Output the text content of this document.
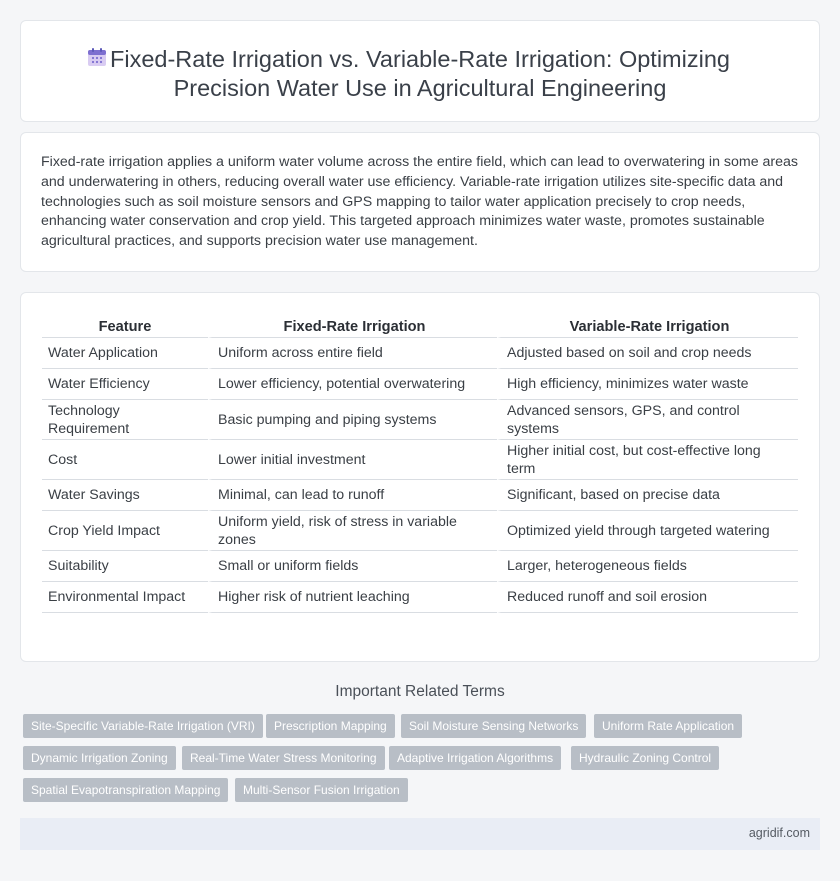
Fixed-Rate Irrigation vs. Variable-Rate Irrigation: Optimizing
Precision Water Use in Agricultural Engineering

Fixed-rate irrigation applies a uniform water volume across the entire field, which can lead to overwatering in some areas and underwatering in others, reducing overall water use efficiency. Variable-rate irrigation utilizes site-specific data and technologies such as soil moisture sensors and GPS mapping to tailor water application precisely to crop needs, enhancing water conservation and crop yield. This targeted approach minimizes water waste, promotes sustainable agricultural practices, and supports precision water use management.

Feature	Fixed-Rate Irrigation	Variable-Rate Irrigation
Water Application	Uniform across entire field	Adjusted based on soil and crop needs
Water Efficiency	Lower efficiency, potential overwatering	High efficiency, minimizes water waste
Technology Requirement	Basic pumping and piping systems	Advanced sensors, GPS, and control systems
Cost	Lower initial investment	Higher initial cost, but cost-effective long term
Water Savings	Minimal, can lead to runoff	Significant, based on precise data
Crop Yield Impact	Uniform yield, risk of stress in variable zones	Optimized yield through targeted watering
Suitability	Small or uniform fields	Larger, heterogeneous fields
Environmental Impact	Higher risk of nutrient leaching	Reduced runoff and soil erosion
Important Related Terms
Site-Specific Variable-Rate Irrigation (VRI)	Prescription Mapping	Soil Moisture Sensing Networks	Uniform Rate Application
Dynamic Irrigation Zoning	Real-Time Water Stress Monitoring	Adaptive Irrigation Algorithms	Hydraulic Zoning Control
Spatial Evapotranspiration Mapping	Multi-Sensor Fusion Irrigation
agridif.com
